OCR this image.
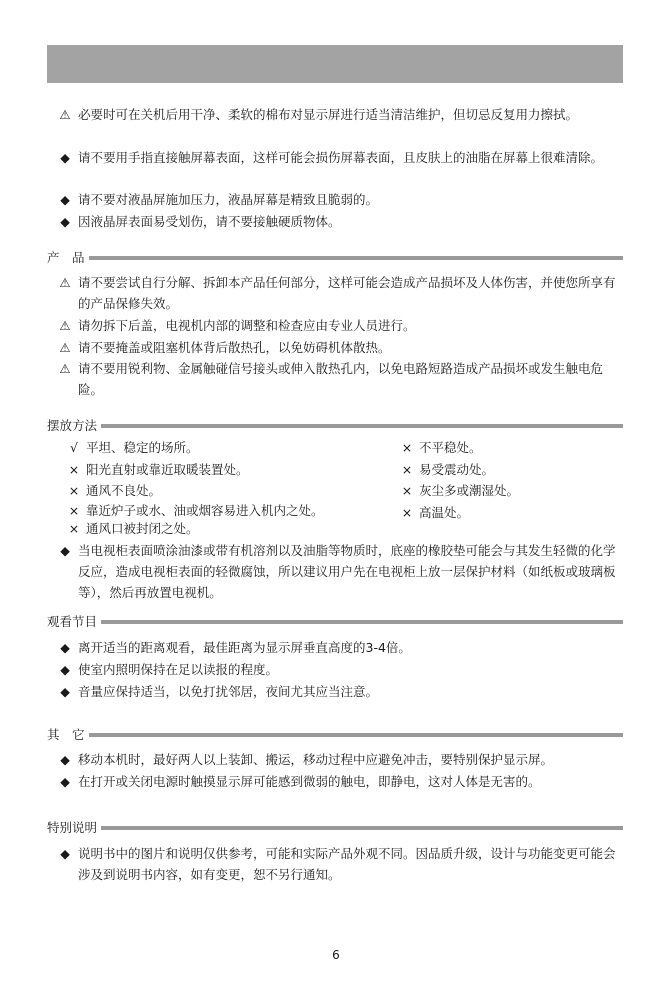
⚠ 必要时可在关机后用干净、柔软的棉布对显示屏进行适当清洁维护，但切忌反复用力擦拭。
◆ 请不要用手指直接触屏幕表面，这样可能会损伤屏幕表面，且皮肤上的油脂在屏幕上很难清除。
◆ 请不要对液晶屏施加压力，液晶屏幕是精致且脆弱的。
◆ 因液晶屏表面易受划伤，请不要接触硬质物体。
产　品
⚠ 请不要尝试自行分解、拆卸本产品任何部分，这样可能会造成产品损坏及人体伤害，并使您所享有的产品保修失效。
⚠ 请勿拆下后盖，电视机内部的调整和检查应由专业人员进行。
⚠ 请不要掩盖或阻塞机体背后散热孔，以免妨碍机体散热。
⚠ 请不要用锐利物、金属触碰信号接头或伸入散热孔内，以免电路短路造成产品损坏或发生触电危险。
摆放方法
√ 平坦、稳定的场所。
× 阳光直射或靠近取暖装置处。
× 通风不良处。
× 靠近炉子或水、油或烟容易进入机内之处。
× 通风口被封闭之处。
× 不平稳处。
× 易受震动处。
× 灰尘多或潮湿处。
× 高温处。
◆ 当电视柜表面喷涂油漆或带有机溶剂以及油脂等物质时，底座的橡胶垫可能会与其发生轻微的化学反应，造成电视柜表面的轻微腐蚀，所以建议用户先在电视柜上放一层保护材料（如纸板或玻璃板等），然后再放置电视机。
观看节目
◆ 离开适当的距离观看，最佳距离为显示屏垂直高度的3-4倍。
◆ 使室内照明保持在足以读报的程度。
◆ 音量应保持适当，以免打扰邻居，夜间尤其应当注意。
其　它
◆ 移动本机时，最好两人以上装卸、搬运，移动过程中应避免冲击，要特别保护显示屏。
◆ 在打开或关闭电源时触摸显示屏可能感到微弱的触电，即静电，这对人体是无害的。
特别说明
◆ 说明书中的图片和说明仅供参考，可能和实际产品外观不同。因品质升级，设计与功能变更可能会涉及到说明书内容，如有变更，恕不另行通知。
6
